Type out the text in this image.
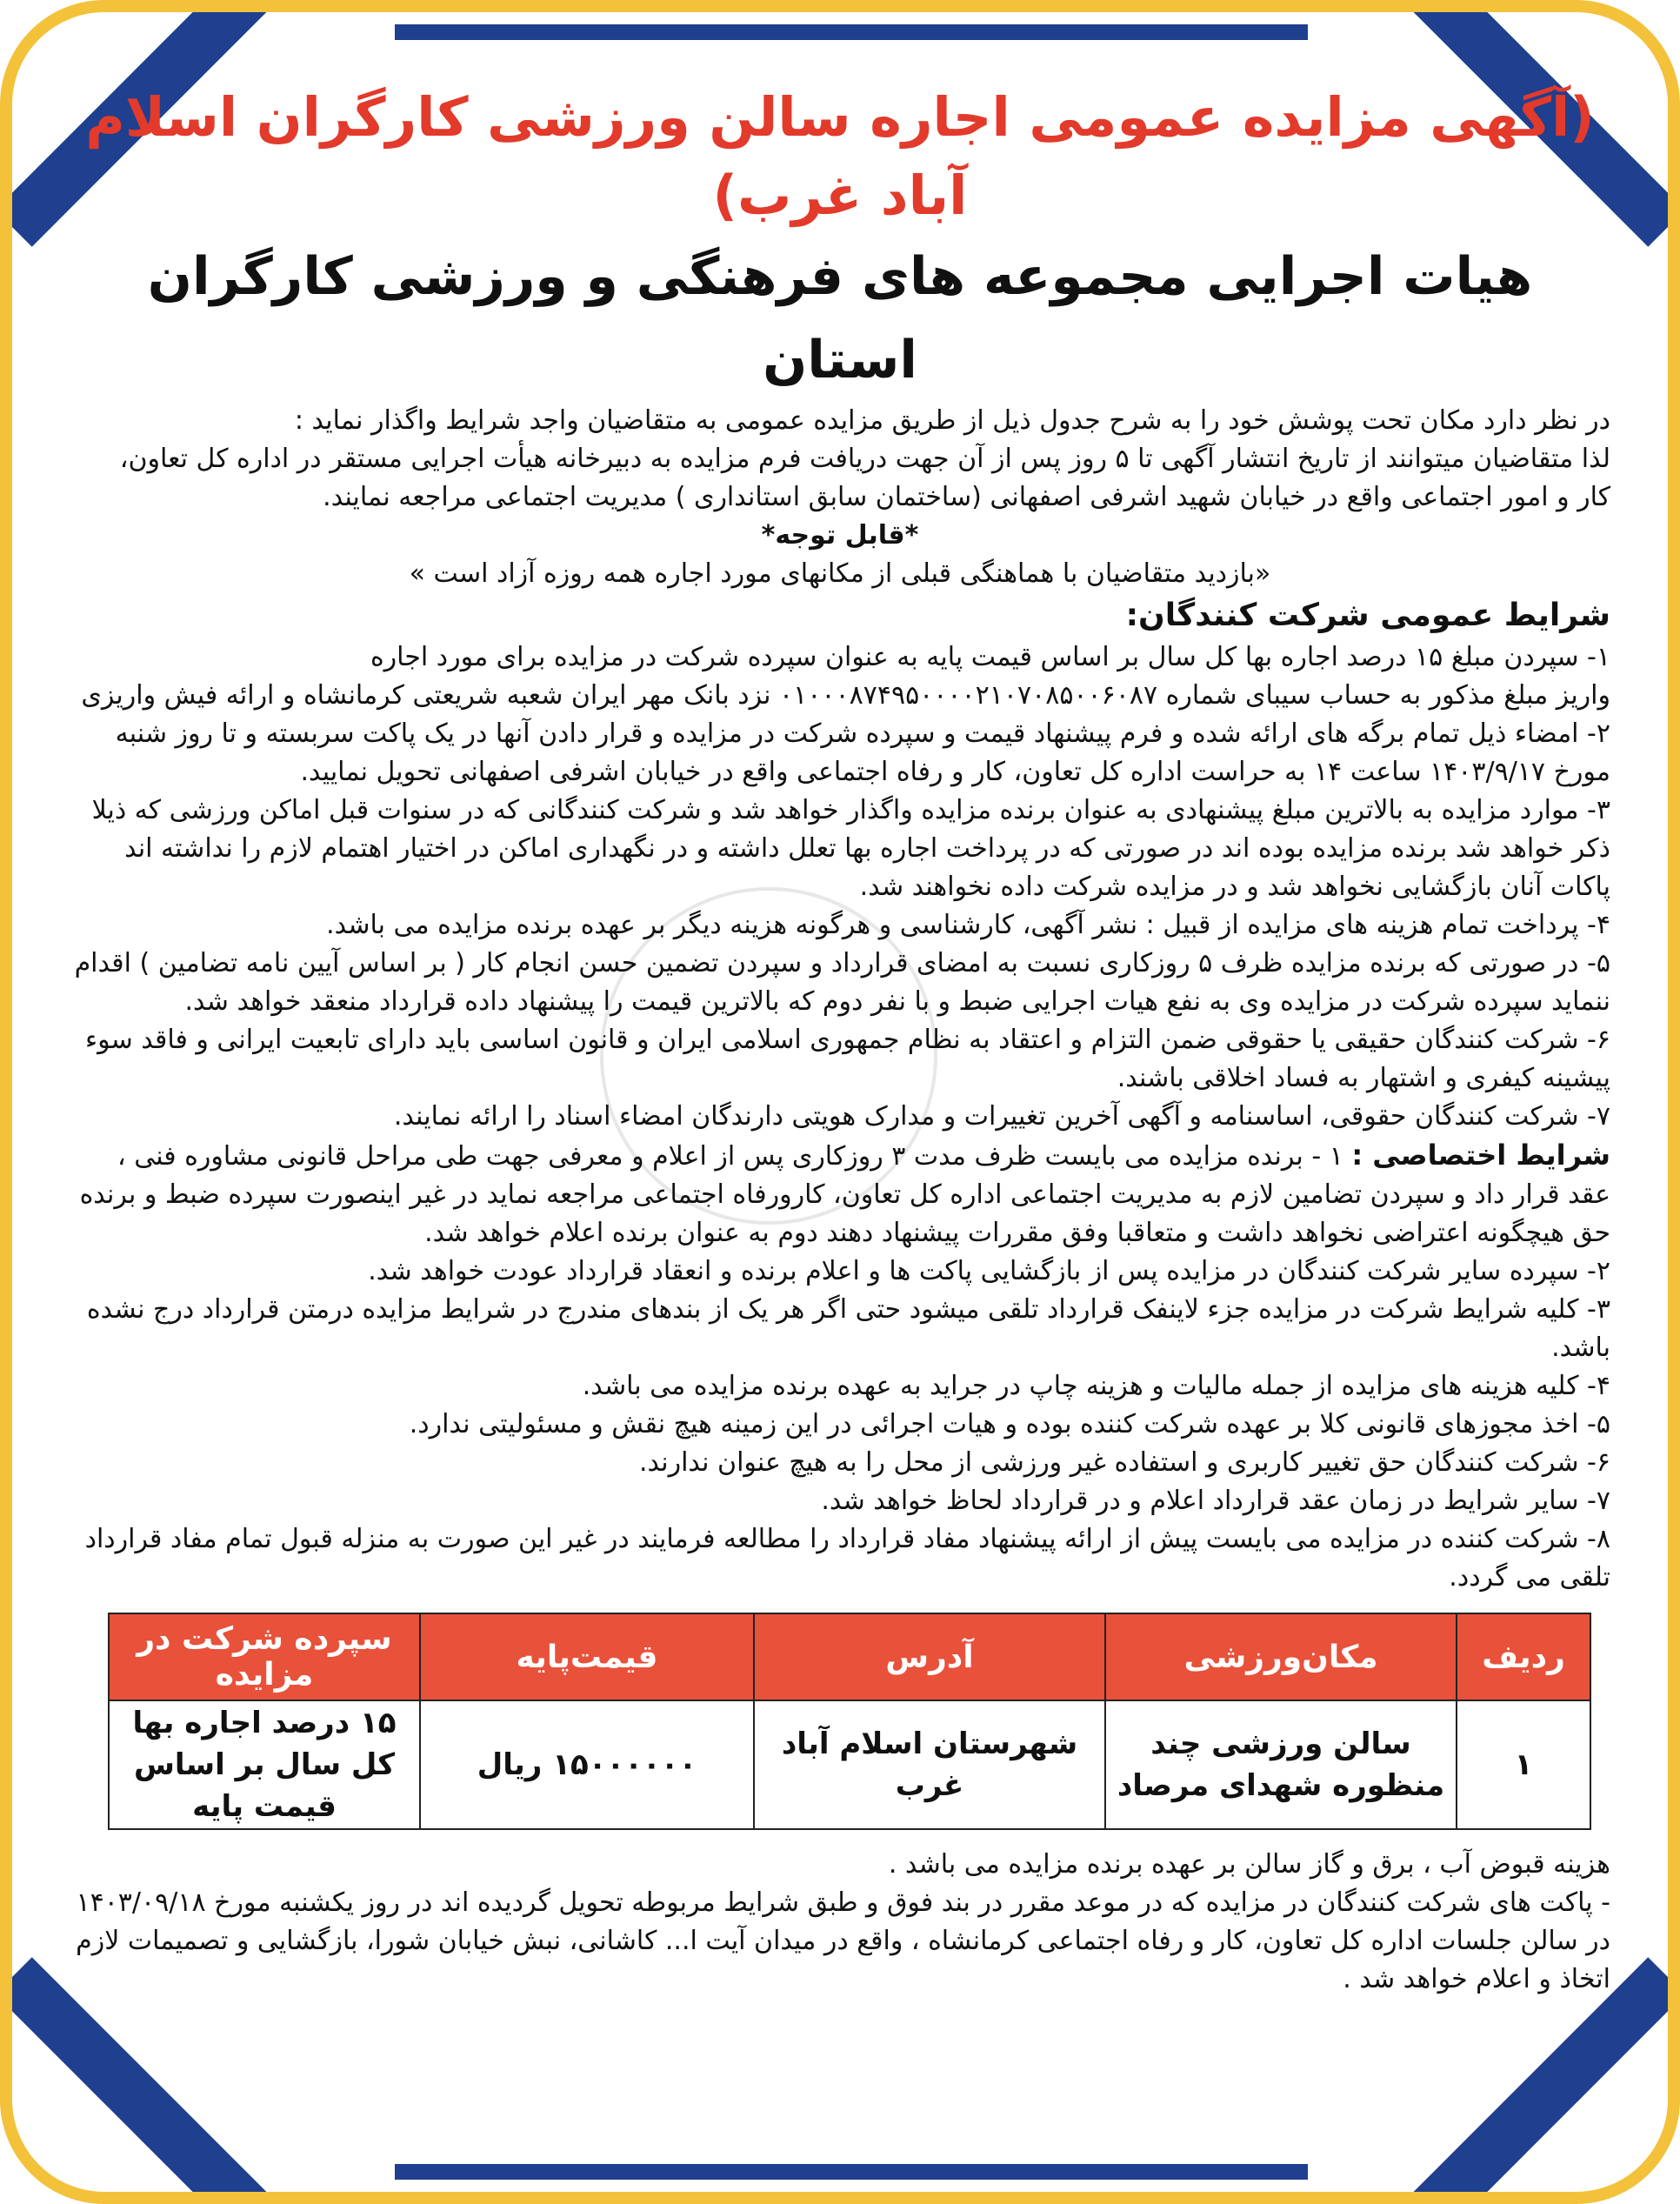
(آگهی مزایده عمومی اجاره سالن ورزشی کارگران اسلام آباد غرب)
هیات اجرایی مجموعه های فرهنگی و ورزشی کارگران استان

در نظر دارد مکان تحت پوشش خود را به شرح جدول ذیل از طریق مزایده عمومی به متقاضیان واجد شرایط واگذار نماید :

لذا متقاضیان میتوانند از تاریخ انتشار آگهی تا ۵ روز پس از آن جهت دریافت فرم مزایده به دبیرخانه هیأت اجرایی مستقر در اداره کل تعاون،

کار و امور اجتماعی واقع در خیابان شهید اشرفی اصفهانی (ساختمان سابق استانداری ) مدیریت اجتماعی مراجعه نمایند.

*قابل توجه*

«بازدید متقاضیان با هماهنگی قبلی از مکانهای مورد اجاره همه روزه آزاد است »

شرایط عمومی شرکت کنندگان:

۱- سپردن مبلغ ۱۵ درصد اجاره بها کل سال بر اساس قیمت پایه به عنوان سپرده شرکت در مزایده برای مورد اجاره

واریز مبلغ مذکور به حساب سیبای شماره ۰۱۰۰۰۸۷۴۹۵۰۰۰۰۲۱۰۷۰۸۵۰۰۶۰۸۷ نزد بانک مهر ایران شعبه شریعتی کرمانشاه و ارائه فیش واریزی

۲- امضاء ذیل تمام برگه های ارائه شده و فرم پیشنهاد قیمت و سپرده شرکت در مزایده و قرار دادن آنها در یک پاکت سربسته و تا روز شنبه مورخ ۱۴۰۳/۹/۱۷ ساعت ۱۴ به حراست اداره کل تعاون، کار و رفاه اجتماعی واقع در خیابان اشرفی اصفهانی تحویل نمایید.

۳- موارد مزایده به بالاترین مبلغ پیشنهادی به عنوان برنده مزایده واگذار خواهد شد و شرکت کنندگانی که در سنوات قبل اماکن ورزشی که ذیلا ذکر خواهد شد برنده مزایده بوده اند در صورتی که در پرداخت اجاره بها تعلل داشته و در نگهداری اماکن در اختیار اهتمام لازم را نداشته اند پاکات آنان بازگشایی نخواهد شد و در مزایده شرکت داده نخواهند شد.

۴- پرداخت تمام هزینه های مزایده از قبیل : نشر آگهی، کارشناسی و هرگونه هزینه دیگر بر عهده برنده مزایده می باشد.

۵- در صورتی که برنده مزایده ظرف ۵ روزکاری نسبت به امضای قرارداد و سپردن تضمین حسن انجام کار ( بر اساس آیین نامه تضامین ) اقدام ننماید سپرده شرکت در مزایده وی به نفع هیات اجرایی ضبط و با نفر دوم که بالاترین قیمت را پیشنهاد داده قرارداد منعقد خواهد شد.

۶- شرکت کنندگان حقیقی یا حقوقی ضمن التزام و اعتقاد به نظام جمهوری اسلامی ایران و قانون اساسی باید دارای تابعیت ایرانی و فاقد سوء پیشینه کیفری و اشتهار به فساد اخلاقی باشند.

۷- شرکت کنندگان حقوقی، اساسنامه و آگهی آخرین تغییرات و مدارک هویتی دارندگان امضاء اسناد را ارائه نمایند.

شرایط اختصاصی : ۱ - برنده مزایده می بایست ظرف مدت ۳ روزکاری پس از اعلام و معرفی جهت طی مراحل قانونی مشاوره فنی ، عقد قرار داد و سپردن تضامین لازم به مدیریت اجتماعی اداره کل تعاون، کارورفاه اجتماعی مراجعه نماید در غیر اینصورت سپرده ضبط و برنده حق هیچگونه اعتراضی نخواهد داشت و متعاقبا وفق مقررات پیشنهاد دهند دوم به عنوان برنده اعلام خواهد شد.

۲- سپرده سایر شرکت کنندگان در مزایده پس از بازگشایی پاکت ها و اعلام برنده و انعقاد قرارداد عودت خواهد شد.

۳- کلیه شرایط شرکت در مزایده جزء لاینفک قرارداد تلقی میشود حتی اگر هر یک از بندهای مندرج در شرایط مزایده درمتن قرارداد درج نشده باشد.

۴- کلیه هزینه های مزایده از جمله مالیات و هزینه چاپ در جراید به عهده برنده مزایده می باشد.

۵- اخذ مجوزهای قانونی کلا بر عهده شرکت کننده بوده و هیات اجرائی در این زمینه هیچ نقش و مسئولیتی ندارد.

۶- شرکت کنندگان حق تغییر کاربری و استفاده غیر ورزشی از محل را به هیچ عنوان ندارند.

۷- سایر شرایط در زمان عقد قرارداد اعلام و در قرارداد لحاظ خواهد شد.

۸- شرکت کننده در مزایده می بایست پیش از ارائه پیشنهاد مفاد قرارداد را مطالعه فرمایند در غیر این صورت به منزله قبول تمام مفاد قرارداد تلقی می گردد.

ردیف	مکان‌ورزشی	آدرس	قیمت‌پایه	سپرده شرکت در مزایده
۱	سالن ورزشی چند منظوره شهدای مرصاد	شهرستان اسلام آباد غرب	۱۵۰۰۰۰۰۰ ریال	۱۵ درصد اجاره بها کل سال بر اساس قیمت پایه

هزینه قبوض آب ، برق و گاز سالن بر عهده برنده مزایده می باشد .

- پاکت های شرکت کنندگان در مزایده که در موعد مقرر در بند فوق و طبق شرایط مربوطه تحویل گردیده اند در روز یکشنبه مورخ ۱۴۰۳/۰۹/۱۸ در سالن جلسات اداره کل تعاون، کار و رفاه اجتماعی کرمانشاه ، واقع در میدان آیت ا... کاشانی، نبش خیابان شورا، بازگشایی و تصمیمات لازم اتخاذ و اعلام خواهد شد .
